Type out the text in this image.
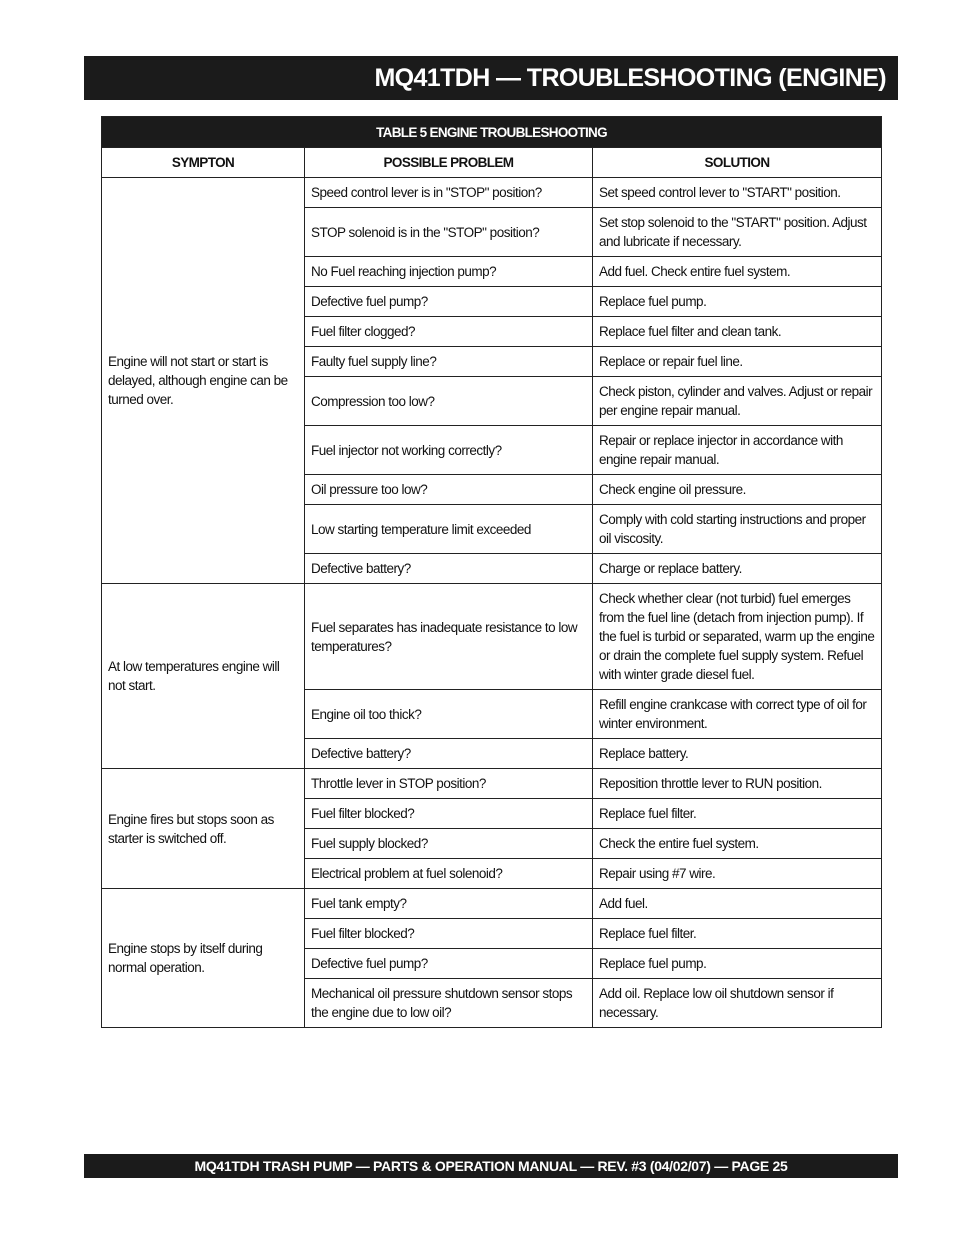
MQ41TDH — TROUBLESHOOTING (ENGINE)
TABLE 5 ENGINE TROUBLESHOOTING		
SYMPTON	POSSIBLE PROBLEM	SOLUTION
Engine will not start or start is delayed, although engine can be turned over.	Speed control lever is in "STOP" position?	Set speed control lever to "START" position.
	STOP solenoid is in the "STOP" position?	Set stop solenoid to the "START" position. Adjust and lubricate if necessary.
	No Fuel reaching injection pump?	Add fuel. Check entire fuel system.
	Defective fuel pump?	Replace fuel pump.
	Fuel filter clogged?	Replace fuel filter and clean tank.
	Faulty fuel supply line?	Replace or repair fuel line.
	Compression too low?	Check piston, cylinder and valves. Adjust or repair per engine repair manual.
	Fuel injector not working correctly?	Repair or replace injector in accordance with engine repair manual.
	Oil pressure too low?	Check engine oil pressure.
	Low starting temperature limit exceeded	Comply with cold starting instructions and proper oil viscosity.
	Defective battery?	Charge or replace battery.
At low temperatures engine will not start.	Fuel separates has inadequate resistance to low temperatures?	Check whether clear (not turbid) fuel emerges from the fuel line (detach from injection pump). If the fuel is turbid or separated, warm up the engine or drain the complete fuel supply system. Refuel with winter grade diesel fuel.
	Engine oil too thick?	Refill engine crankcase with correct type of oil for winter environment.
	Defective battery?	Replace battery.
Engine fires but stops soon as starter is switched off.	Throttle lever in STOP position?	Reposition throttle lever to RUN position.
	Fuel filter blocked?	Replace fuel filter.
	Fuel supply blocked?	Check the entire fuel system.
	Electrical problem at fuel solenoid?	Repair using #7 wire.
Engine stops by itself during normal operation.	Fuel tank empty?	Add fuel.
	Fuel filter blocked?	Replace fuel filter.
	Defective fuel pump?	Replace fuel pump.
	Mechanical oil pressure shutdown sensor stops the engine due to low oil?	Add oil. Replace low oil shutdown sensor if necessary.
MQ41TDH TRASH PUMP — PARTS & OPERATION MANUAL — REV. #3 (04/02/07) — PAGE 25
